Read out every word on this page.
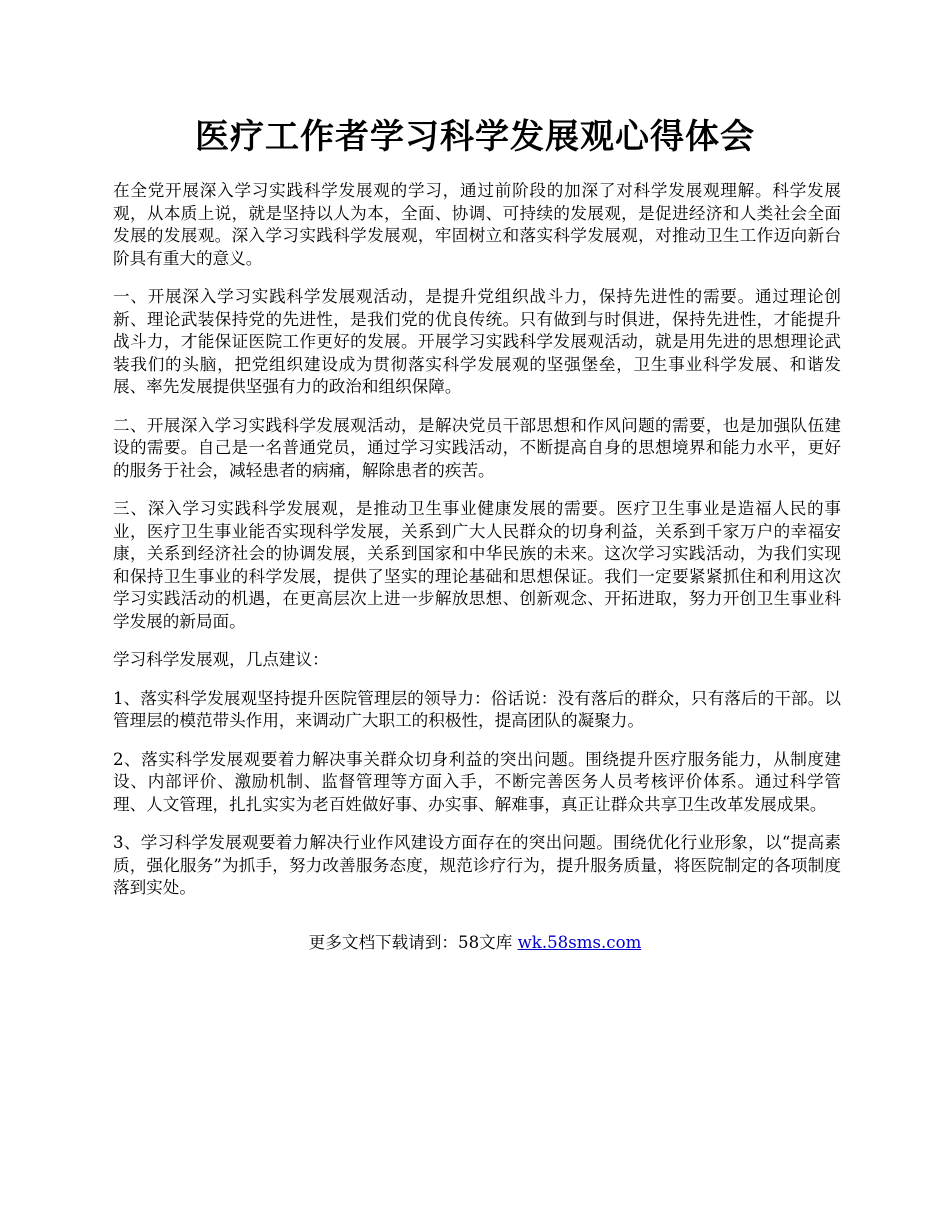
医疗工作者学习科学发展观心得体会

在全党开展深入学习实践科学发展观的学习，通过前阶段的加深了对科学发展观理解。科学发展观，从本质上说，就是坚持以人为本，全面、协调、可持续的发展观，是促进经济和人类社会全面发展的发展观。深入学习实践科学发展观，牢固树立和落实科学发展观，对推动卫生工作迈向新台阶具有重大的意义。

一、开展深入学习实践科学发展观活动，是提升党组织战斗力，保持先进性的需要。通过理论创新、理论武装保持党的先进性，是我们党的优良传统。只有做到与时俱进，保持先进性，才能提升战斗力，才能保证医院工作更好的发展。开展学习实践科学发展观活动，就是用先进的思想理论武装我们的头脑，把党组织建设成为贯彻落实科学发展观的坚强堡垒，卫生事业科学发展、和谐发展、率先发展提供坚强有力的政治和组织保障。

二、开展深入学习实践科学发展观活动，是解决党员干部思想和作风问题的需要，也是加强队伍建设的需要。自己是一名普通党员，通过学习实践活动，不断提高自身的思想境界和能力水平，更好的服务于社会，减轻患者的病痛，解除患者的疾苦。

三、深入学习实践科学发展观，是推动卫生事业健康发展的需要。医疗卫生事业是造福人民的事业，医疗卫生事业能否实现科学发展，关系到广大人民群众的切身利益，关系到千家万户的幸福安康，关系到经济社会的协调发展，关系到国家和中华民族的未来。这次学习实践活动，为我们实现和保持卫生事业的科学发展，提供了坚实的理论基础和思想保证。我们一定要紧紧抓住和利用这次学习实践活动的机遇，在更高层次上进一步解放思想、创新观念、开拓进取，努力开创卫生事业科学发展的新局面。

学习科学发展观，几点建议：

1、落实科学发展观坚持提升医院管理层的领导力：俗话说：没有落后的群众，只有落后的干部。以管理层的模范带头作用，来调动广大职工的积极性，提高团队的凝聚力。

2、落实科学发展观要着力解决事关群众切身利益的突出问题。围绕提升医疗服务能力，从制度建设、内部评价、激励机制、监督管理等方面入手，不断完善医务人员考核评价体系。通过科学管理、人文管理，扎扎实实为老百姓做好事、办实事、解难事，真正让群众共享卫生改革发展成果。

3、学习科学发展观要着力解决行业作风建设方面存在的突出问题。围绕优化行业形象，以“提高素质，强化服务”为抓手，努力改善服务态度，规范诊疗行为，提升服务质量，将医院制定的各项制度落到实处。

更多文档下载请到：58文库 wk.58sms.com
